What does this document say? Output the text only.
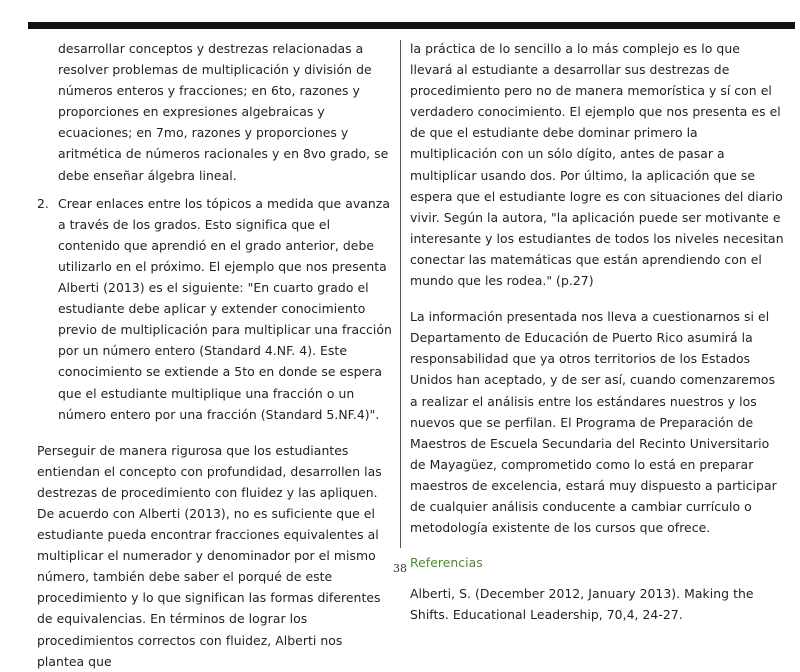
desarrollar conceptos y destrezas relacionadas a resolver problemas de multiplicación y división de números enteros y fracciones; en 6to, razones y proporciones en expresiones algebraicas y ecuaciones; en 7mo, razones y proporciones y aritmética de números racionales y en 8vo grado, se debe enseñar álgebra lineal.

2. Crear enlaces entre los tópicos a medida que avanza a través de los grados. Esto significa que el contenido que aprendió en el grado anterior, debe utilizarlo en el próximo. El ejemplo que nos presenta Alberti (2013) es el siguiente: "En cuarto grado el estudiante debe aplicar y extender conocimiento previo de multiplicación para multiplicar una fracción por un número entero (Standard 4.NF. 4). Este conocimiento se extiende a 5to en donde se espera que el estudiante multiplique una fracción o un número entero por una fracción (Standard 5.NF.4)".

Perseguir de manera rigurosa que los estudiantes entiendan el concepto con profundidad, desarrollen las destrezas de procedimiento con fluidez y las apliquen. De acuerdo con Alberti (2013), no es suficiente que el estudiante pueda encontrar fracciones equivalentes al multiplicar el numerador y denominador por el mismo número, también debe saber el porqué de este procedimiento y lo que significan las formas diferentes de equivalencias. En términos de lograr los procedimientos correctos con fluidez, Alberti nos plantea que

la práctica de lo sencillo a lo más complejo es lo que llevará al estudiante a desarrollar sus destrezas de procedimiento pero no de manera memorística y sí con el verdadero conocimiento. El ejemplo que nos presenta es el de que el estudiante debe dominar primero la multiplicación con un sólo dígito, antes de pasar a multiplicar usando dos. Por último, la aplicación que se espera que el estudiante logre es con situaciones del diario vivir. Según la autora, "la aplicación puede ser motivante e interesante y los estudiantes de todos los niveles necesitan conectar las matemáticas que están aprendiendo con el mundo que les rodea." (p.27)

La información presentada nos lleva a cuestionarnos si el Departamento de Educación de Puerto Rico asumirá la responsabilidad que ya otros territorios de los Estados Unidos han aceptado, y de ser así, cuando comenzaremos a realizar el análisis entre los estándares nuestros y los nuevos que se perfilan. El Programa de Preparación de Maestros de Escuela Secundaria del Recinto Universitario de Mayagüez, comprometido como lo está en preparar maestros de excelencia, estará muy dispuesto a participar de cualquier análisis conducente a cambiar currículo o metodología existente de los cursos que ofrece.

Referencias

Alberti, S. (December 2012, January 2013). Making the Shifts. Educational Leadership, 70,4, 24-27.

38
